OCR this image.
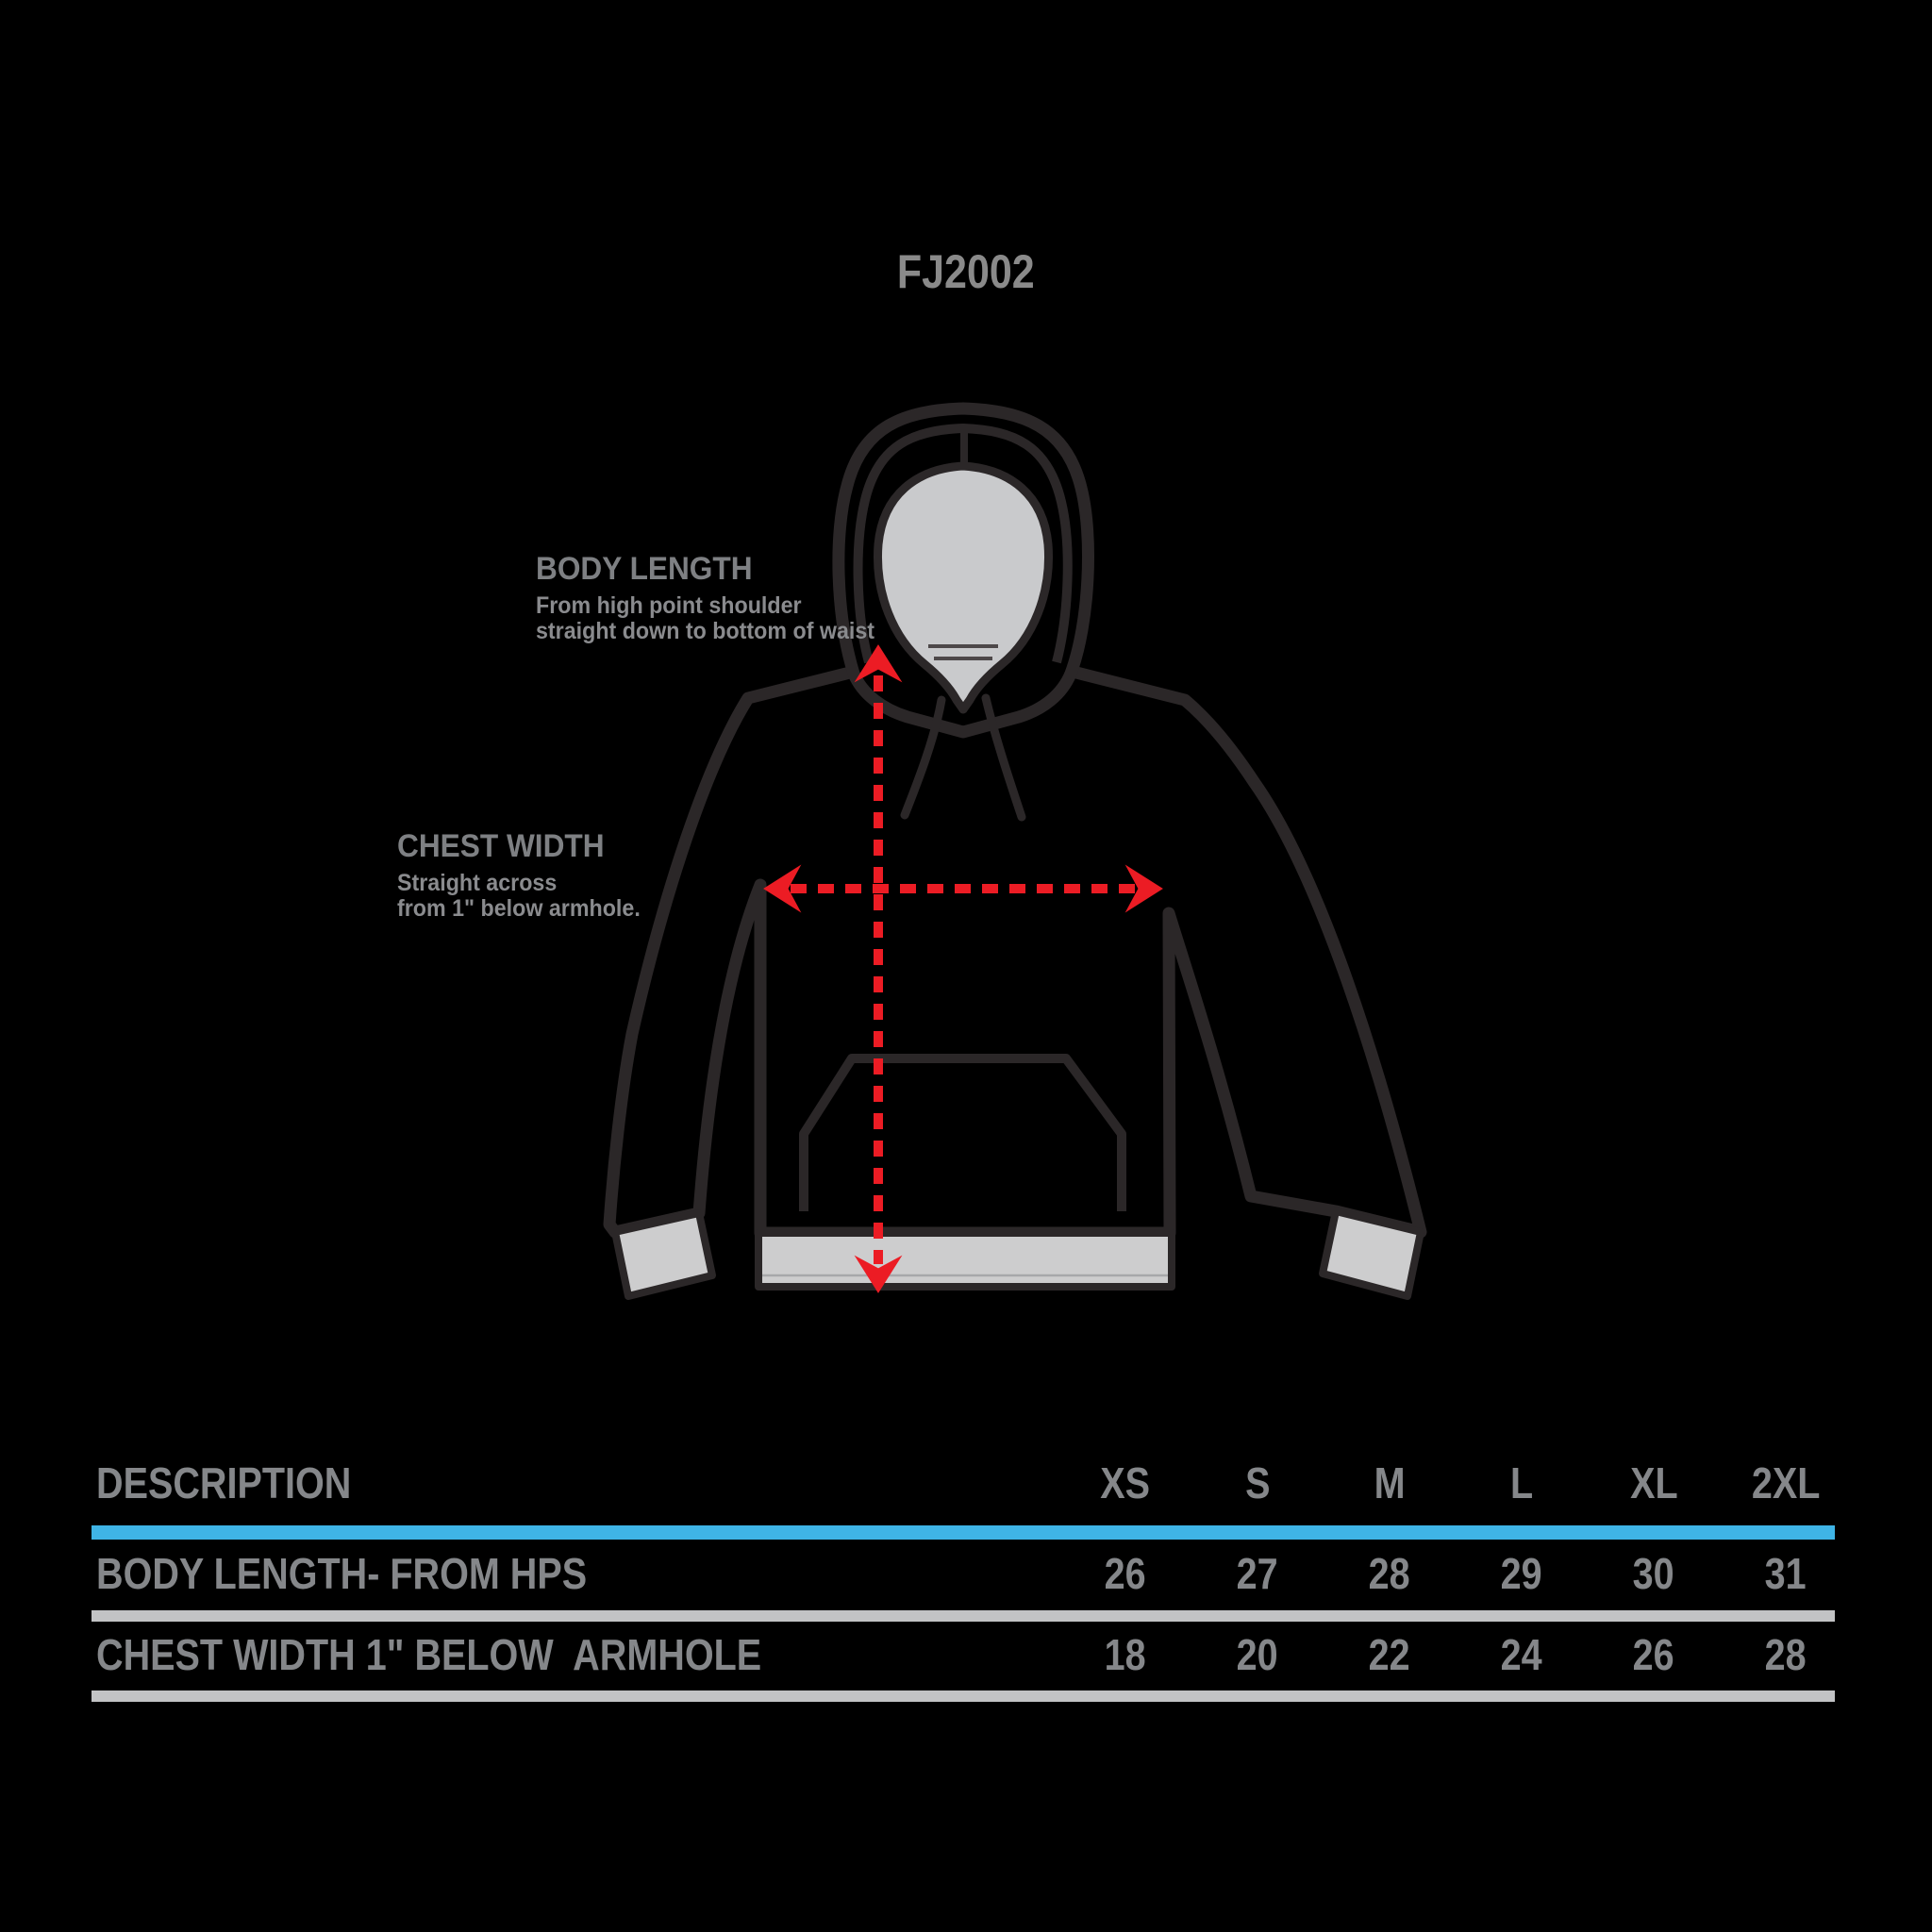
FJ2002
BODY LENGTH
From high point shoulder
straight down to bottom of waist
CHEST WIDTH
Straight across
from 1" below armhole.
DESCRIPTION	XS	S	M	L	XL	2XL
BODY LENGTH- FROM HPS	26	27	28	29	30	31
CHEST WIDTH 1" BELOW  ARMHOLE	18	20	22	24	26	28
